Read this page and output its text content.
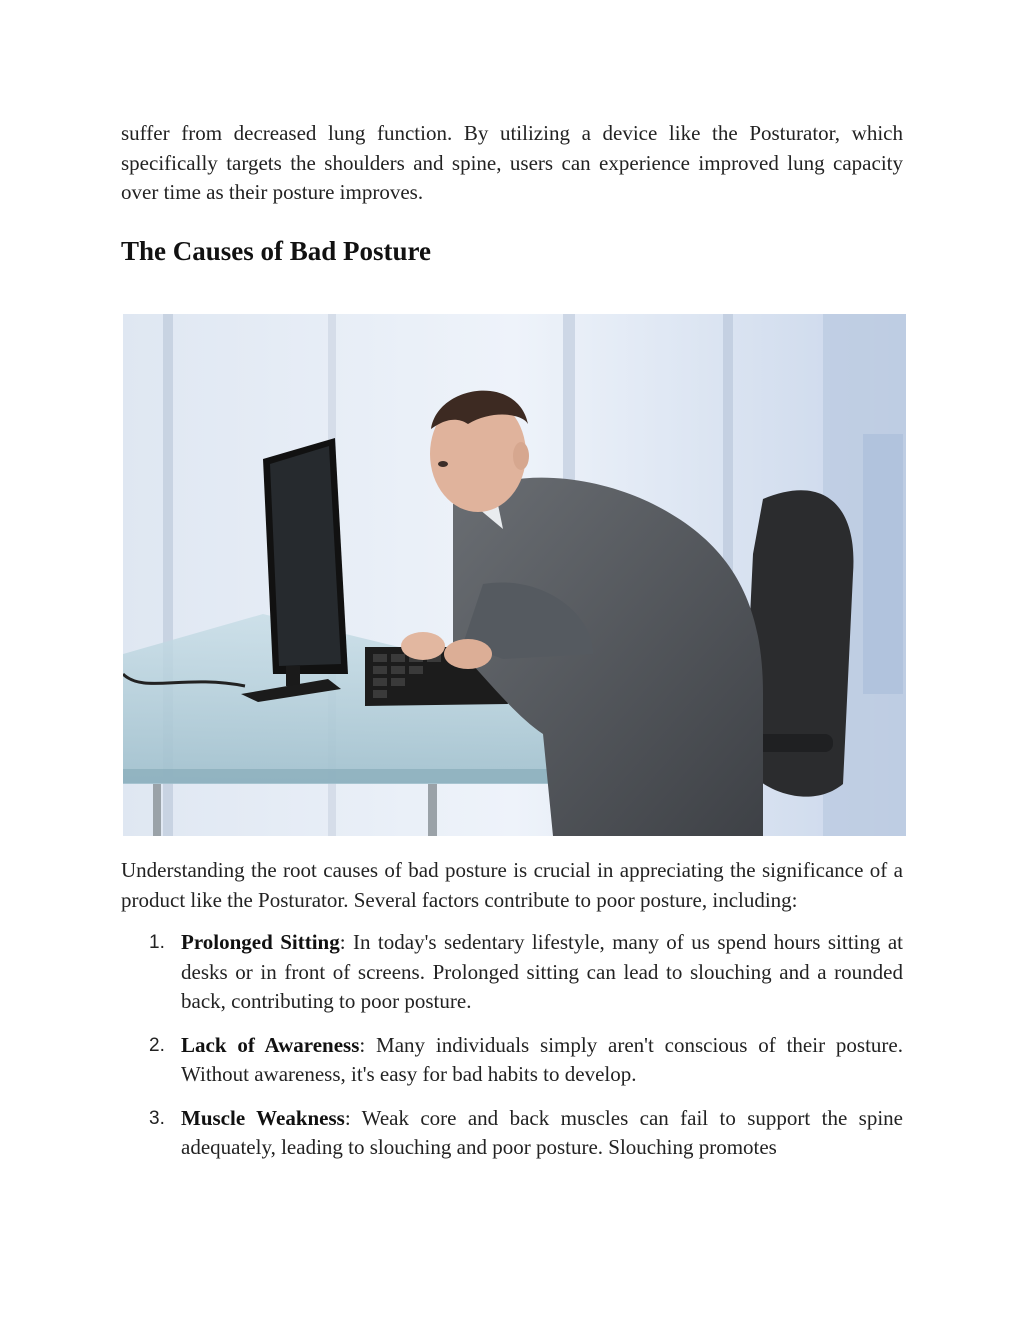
suffer from decreased lung function. By utilizing a device like the Posturator, which specifically targets the shoulders and spine, users can experience improved lung capacity over time as their posture improves.

The Causes of Bad Posture

Understanding the root causes of bad posture is crucial in appreciating the significance of a product like the Posturator. Several factors contribute to poor posture, including:

1. Prolonged Sitting: In today's sedentary lifestyle, many of us spend hours sitting at desks or in front of screens. Prolonged sitting can lead to slouching and a rounded back, contributing to poor posture.

2. Lack of Awareness: Many individuals simply aren't conscious of their posture. Without awareness, it's easy for bad habits to develop.

3. Muscle Weakness: Weak core and back muscles can fail to support the spine adequately, leading to slouching and poor posture. Slouching promotes
